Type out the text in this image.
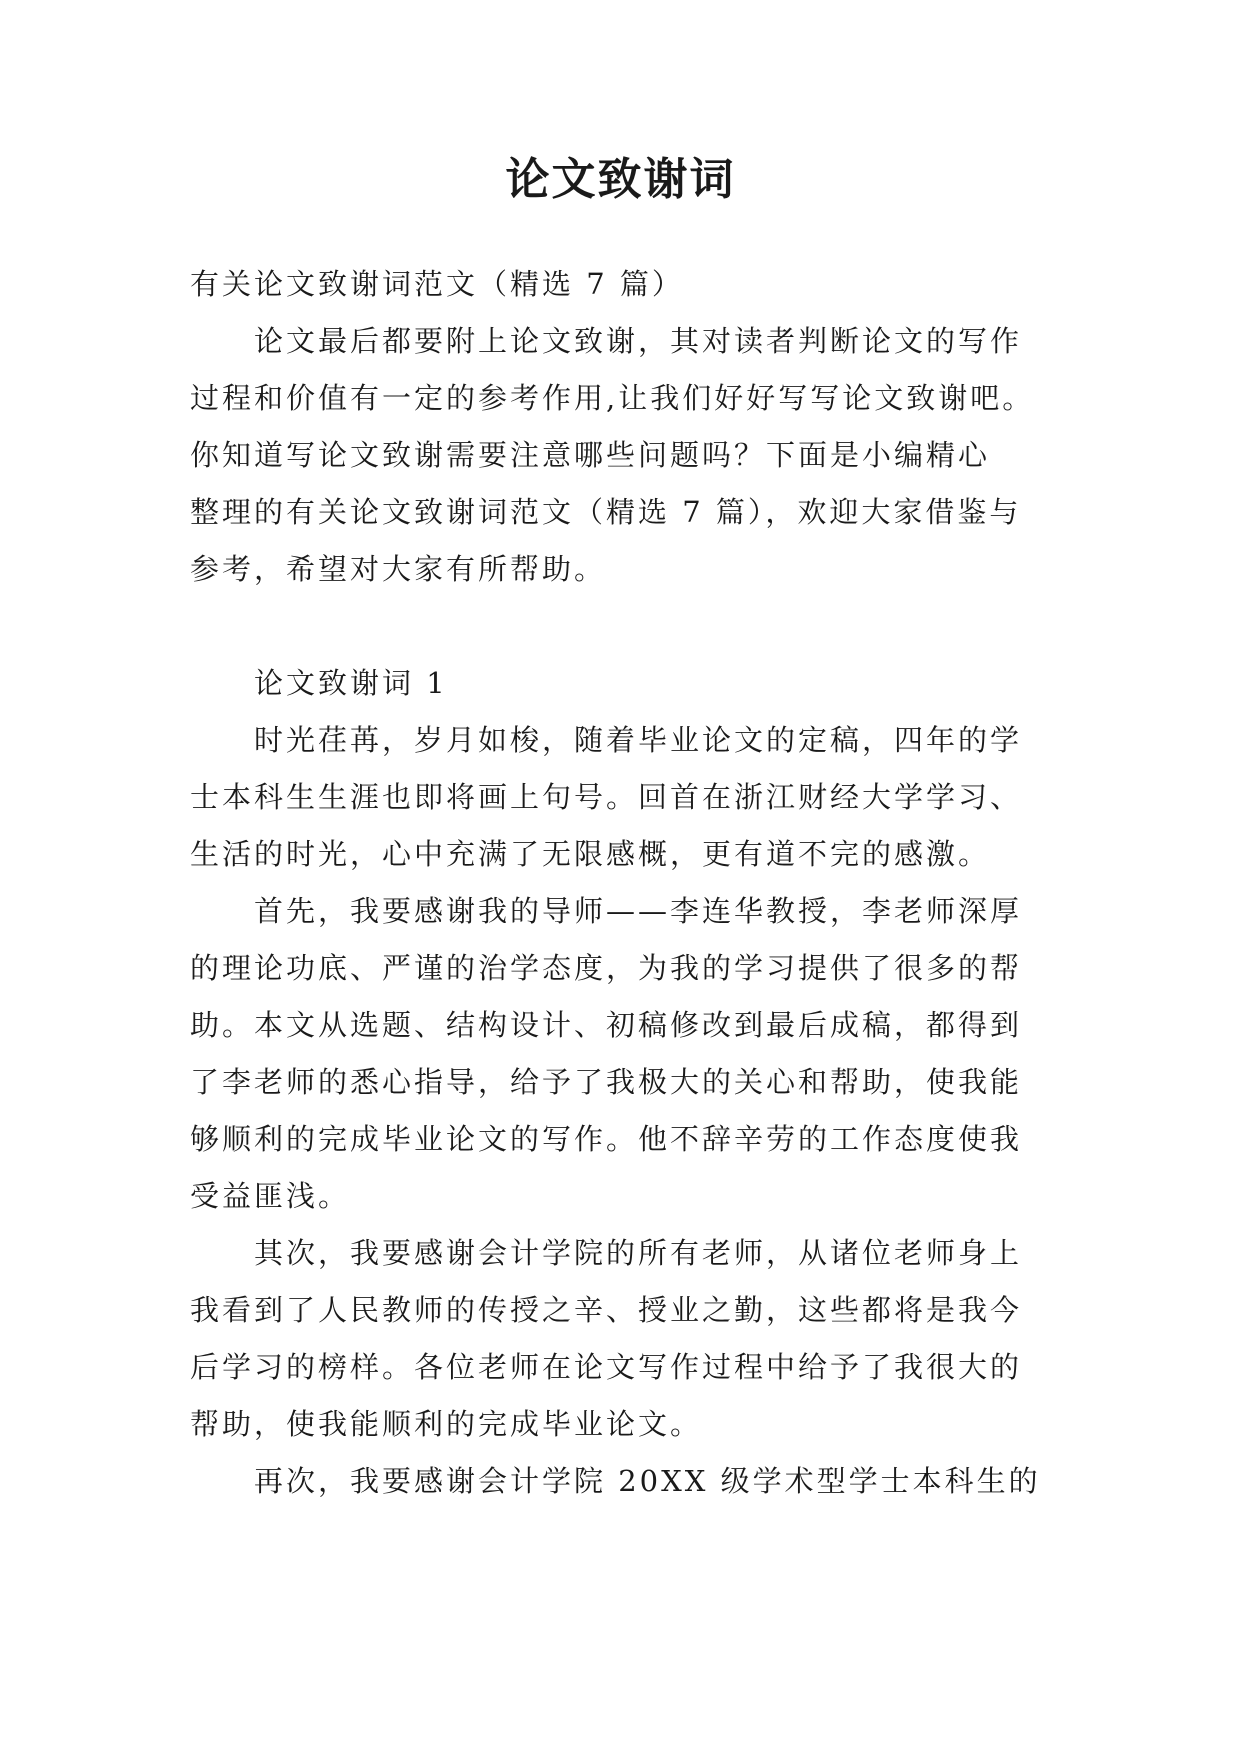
论文致谢词

有关论文致谢词范文（精选 7 篇）

　　论文最后都要附上论文致谢，其对读者判断论文的写作

过程和价值有一定的参考作用,让我们好好写写论文致谢吧。

你知道写论文致谢需要注意哪些问题吗？下面是小编精心

整理的有关论文致谢词范文（精选 7 篇），欢迎大家借鉴与

参考，希望对大家有所帮助。

　　论文致谢词 1

　　时光荏苒，岁月如梭，随着毕业论文的定稿，四年的学

士本科生生涯也即将画上句号。回首在浙江财经大学学习、

生活的时光，心中充满了无限感概，更有道不完的感激。

　　首先，我要感谢我的导师——李连华教授，李老师深厚

的理论功底、严谨的治学态度，为我的学习提供了很多的帮

助。本文从选题、结构设计、初稿修改到最后成稿，都得到

了李老师的悉心指导，给予了我极大的关心和帮助，使我能

够顺利的完成毕业论文的写作。他不辞辛劳的工作态度使我

受益匪浅。

　　其次，我要感谢会计学院的所有老师，从诸位老师身上

我看到了人民教师的传授之辛、授业之勤，这些都将是我今

后学习的榜样。各位老师在论文写作过程中给予了我很大的

帮助，使我能顺利的完成毕业论文。

　　再次，我要感谢会计学院 20XX 级学术型学士本科生的
